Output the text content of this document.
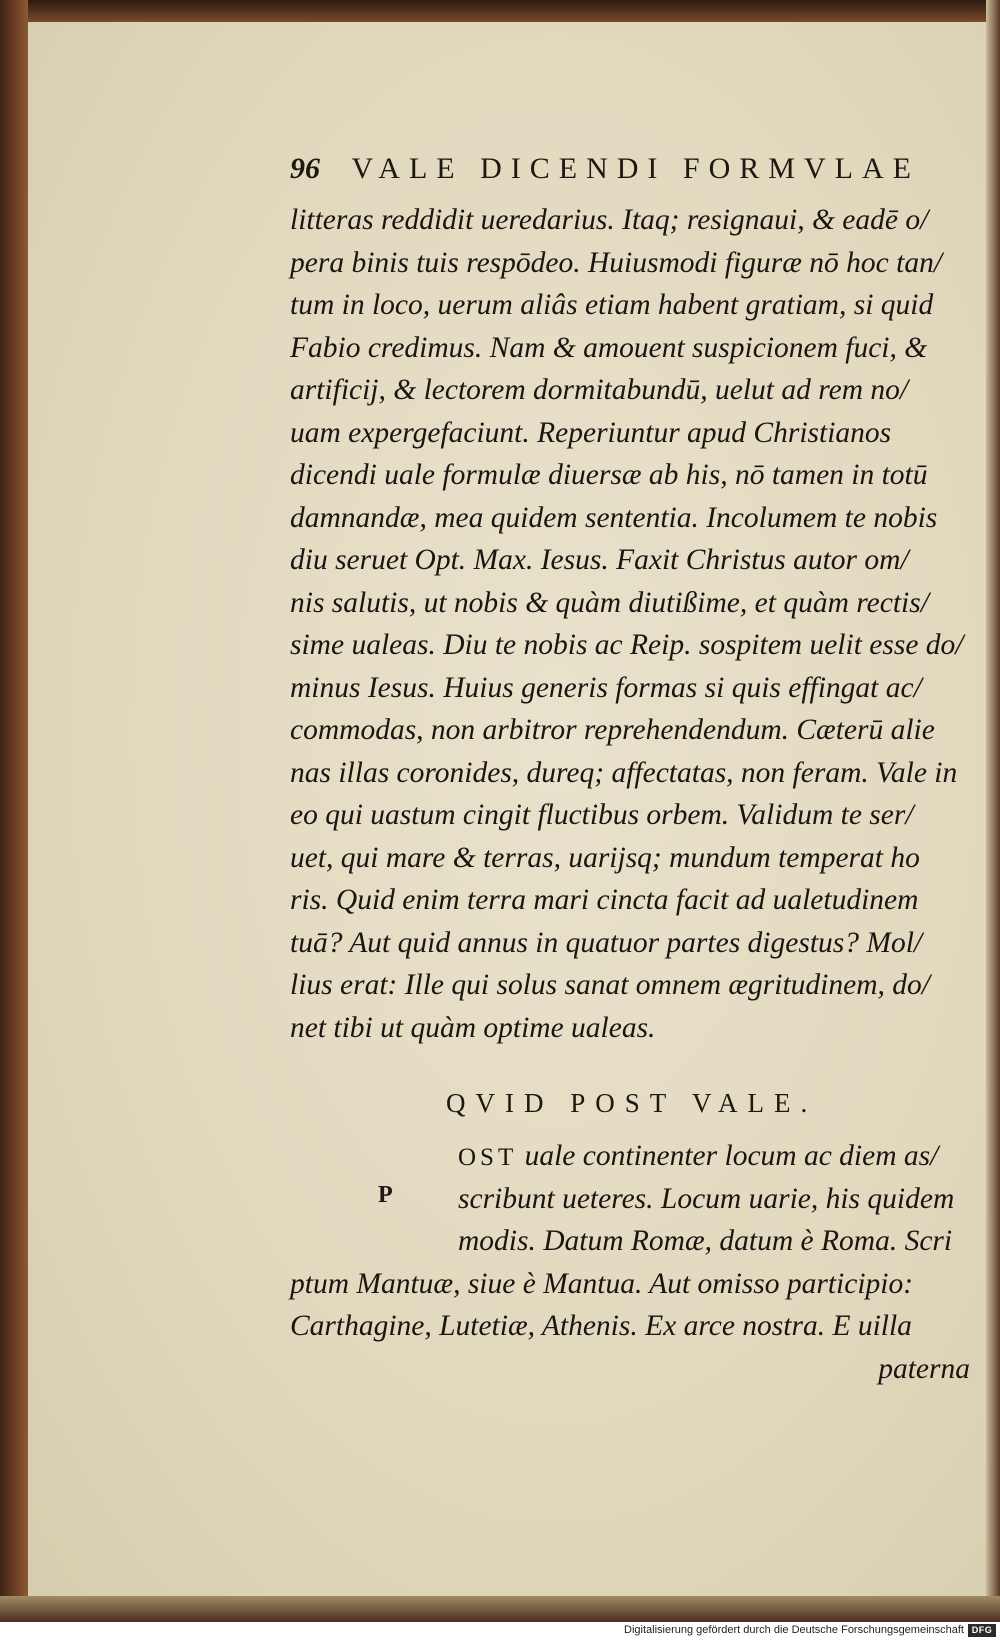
96 VALE DICENDI FORMVLAE
litteras reddidit ueredarius. Itaq; resignaui, & eadē o/
pera binis tuis respōdeo. Huiusmodi figuræ nō hoc tan/
tum in loco, uerum aliâs etiam habent gratiam, si quid
Fabio credimus. Nam & amouent suspicionem fuci, &
artificij, & lectorem dormitabundū, uelut ad rem no/
uam expergefaciunt. Reperiuntur apud Christianos
dicendi uale formulæ diuersæ ab his, nō tamen in totū
damnandæ, mea quidem sententia. Incolumem te nobis
diu seruet Opt. Max. Iesus. Faxit Christus autor om/
nis salutis, ut nobis & quàm diutißime, et quàm rectis/
sime ualeas. Diu te nobis ac Reip. sospitem uelit esse do/
minus Iesus. Huius generis formas si quis effingat ac/
commodas, non arbitror reprehendendum. Cæterū alie
nas illas coronides, dureq; affectatas, non feram. Vale in
eo qui uastum cingit fluctibus orbem. Validum te ser/
uet, qui mare & terras, uarijsq; mundum temperat ho
ris. Quid enim terra mari cincta facit ad ualetudinem
tuā? Aut quid annus in quatuor partes digestus? Mol/
lius erat: Ille qui solus sanat omnem ægritudinem, do/
net tibi ut quàm optime ualeas.
QVID POST VALE.
P
OST uale continenter locum ac diem as/
scribunt ueteres. Locum uarie, his quidem
modis. Datum Romæ, datum è Roma. Scri
ptum Mantuæ, siue è Mantua. Aut omisso participio:
Carthagine, Lutetiæ, Athenis. Ex arce nostra. E uilla
paterna
Digitalisierung gefördert durch die Deutsche Forschungsgemeinschaft DFG
